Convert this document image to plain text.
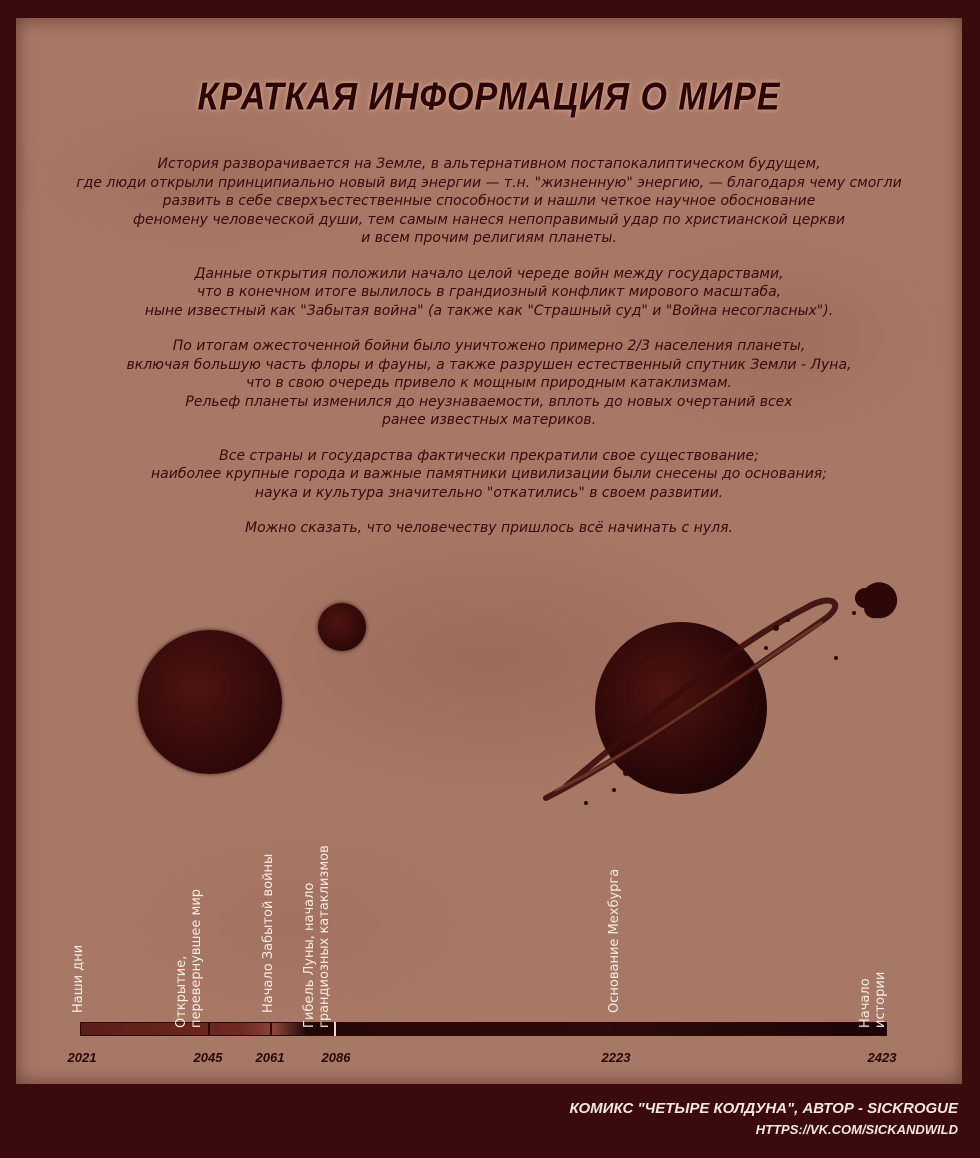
КРАТКАЯ ИНФОРМАЦИЯ О МИРЕ

История разворачивается на Земле, в альтернативном постапокалиптическом будущем,
где люди открыли принципиально новый вид энергии — т.н. "жизненную" энергию, — благодаря чему смогли
развить в себе сверхъестественные способности и нашли четкое научное обоснование
феномену человеческой души, тем самым нанеся непоправимый удар по христианской церкви
и всем прочим религиям планеты.

Данные открытия положили начало целой череде войн между государствами,
что в конечном итоге вылилось в грандиозный конфликт мирового масштаба,
ныне известный как "Забытая война" (а также как "Страшный суд" и "Война несогласных").

По итогам ожесточенной бойни было уничтожено примерно 2/3 населения планеты,
включая большую часть флоры и фауны, а также разрушен естественный спутник Земли - Луна,
что в свою очередь привело к мощным природным катаклизмам.
Рельеф планеты изменился до неузнаваемости, вплоть до новых очертаний всех
ранее известных материков.

Все страны и государства фактически прекратили свое существование;
наиболее крупные города и важные памятники цивилизации были снесены до основания;
наука и культура значительно "откатились" в своем развитии.

Можно сказать, что человечеству пришлось всё начинать с нуля.

2021	2045	2061	2086	2223	2423
Наши дни	Открытие,
перевернувшее мир	Начало Забытой войны Гибель Луны, начало
грандиозных катаклизмов	Основание Мехбурга	Начало истории
КОМИКС "ЧЕТЫРЕ КОЛДУНА", АВТОР - SICKROGUE
HTTPS://VK.COM/SICKANDWILD
